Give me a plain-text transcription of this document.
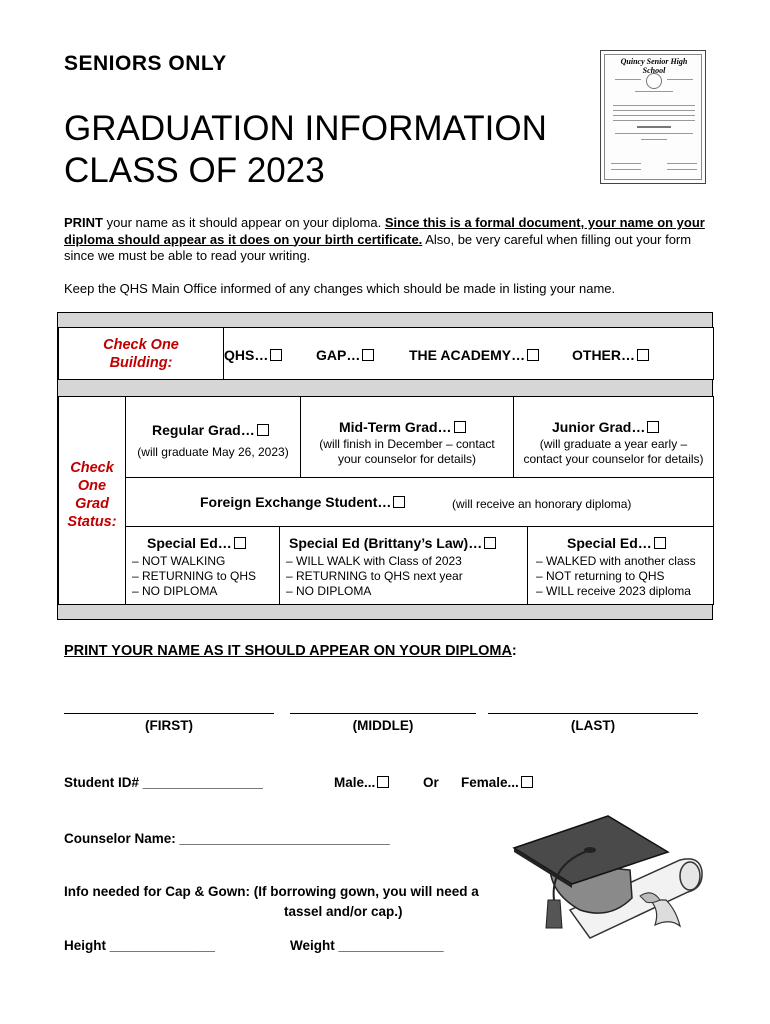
SENIORS ONLY
GRADUATION INFORMATION
CLASS OF 2023
Quincy Senior High School
PRINT your name as it should appear on your diploma. Since this is a formal document, your name on your diploma should appear as it does on your birth certificate. Also, be very careful when filling out your form since we must be able to read your writing.
Keep the QHS Main Office informed of any changes which should be made in listing your name.
Check One
Building:	QHS…	GAP…	THE ACADEMY…	OTHER…
Check
One
Grad
Status:
Regular Grad…
(will graduate May 26, 2023)
Mid-Term Grad…
(will finish in December – contact
your counselor for details)
Junior Grad…
(will graduate a year early –
contact your counselor for details)
Foreign Exchange Student…	(will receive an honorary diploma)
Special Ed…
– NOT WALKING
– RETURNING to QHS
– NO DIPLOMA
Special Ed (Brittany’s Law)…
– WILL WALK with Class of 2023
– RETURNING to QHS next year
– NO DIPLOMA
Special Ed…
– WALKED with another class
– NOT returning to QHS
– WILL receive 2023 diploma
PRINT YOUR NAME AS IT SHOULD APPEAR ON YOUR DIPLOMA:
(FIRST)	(MIDDLE)	(LAST)
Student ID# ________________	Male...	Or Female...
Counselor Name: ____________________________
Info needed for Cap & Gown: (If borrowing gown, you will need a
tassel and/or cap.)
Height ______________	Weight ______________
